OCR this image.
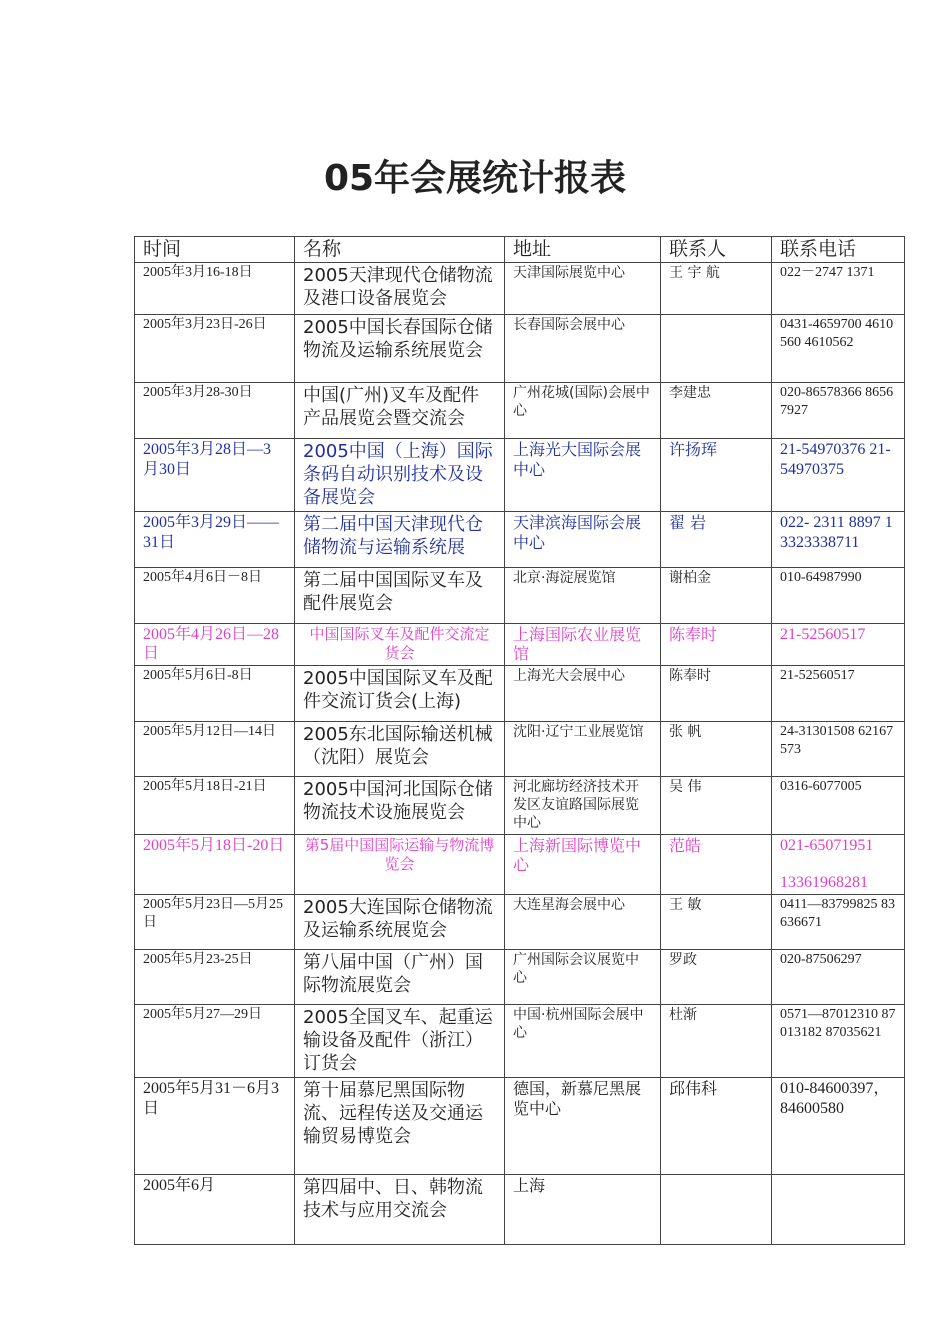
05年会展统计报表
时间	名称	地址	联系人	联系电话
2005年3月16-18日	2005天津现代仓储物流及港口设备展览会	天津国际展览中心	王 宇 航	022－2747 1371

2005年3月23日-26日	2005中国长春国际仓储物流及运输系统展览会	长春国际会展中心		0431-4659700 4610560 4610562

2005年3月28-30日	中国(广州)叉车及配件产品展览会暨交流会	广州花城(国际)会展中心	李建忠	020-86578366 86567927

2005年3月28日—3月30日	2005中国（上海）国际条码自动识别技术及设备展览会	上海光大国际会展中心	许扬珲	21-54970376 21-54970375

2005年3月29日——31日	第二届中国天津现代仓储物流与运输系统展	天津滨海国际会展中心	翟 岩	022- 2311 8897 13323338711

2005年4月6日－8日	第二届中国国际叉车及配件展览会	北京·海淀展览馆	谢柏金	010-64987990

2005年4月26日—28日	中国国际叉车及配件交流定货会	上海国际农业展览馆	陈奉时	21-52560517

2005年5月6日-8日	2005中国国际叉车及配件交流订货会(上海)	上海光大会展中心	陈奉时	21-52560517

2005年5月12日—14日	2005东北国际输送机械（沈阳）展览会	沈阳·辽宁工业展览馆	张 帆	24-31301508 62167573

2005年5月18日-21日	2005中国河北国际仓储物流技术设施展览会	河北廊坊经济技术开发区友谊路国际展览中心	吴 伟	0316-6077005

2005年5月18日-20日	第5届中国国际运输与物流博览会	上海新国际博览中心	范皓	021-65071951
13361968281

2005年5月23日—5月25日	2005大连国际仓储物流及运输系统展览会	大连星海会展中心	王 敏	0411—83799825 83636671

2005年5月23-25日	第八届中国（广州）国际物流展览会	广州国际会议展览中心	罗政	020-87506297

2005年5月27—29日	2005全国叉车、起重运输设备及配件（浙江）订货会	中国·杭州国际会展中心	杜渐	0571—87012310 87013182 87035621

2005年5月31－6月3日	第十届慕尼黑国际物流、远程传送及交通运输贸易博览会	德国，新慕尼黑展览中心	邱伟科	010-84600397，84600580

2005年6月	第四届中、日、韩物流技术与应用交流会	上海		
